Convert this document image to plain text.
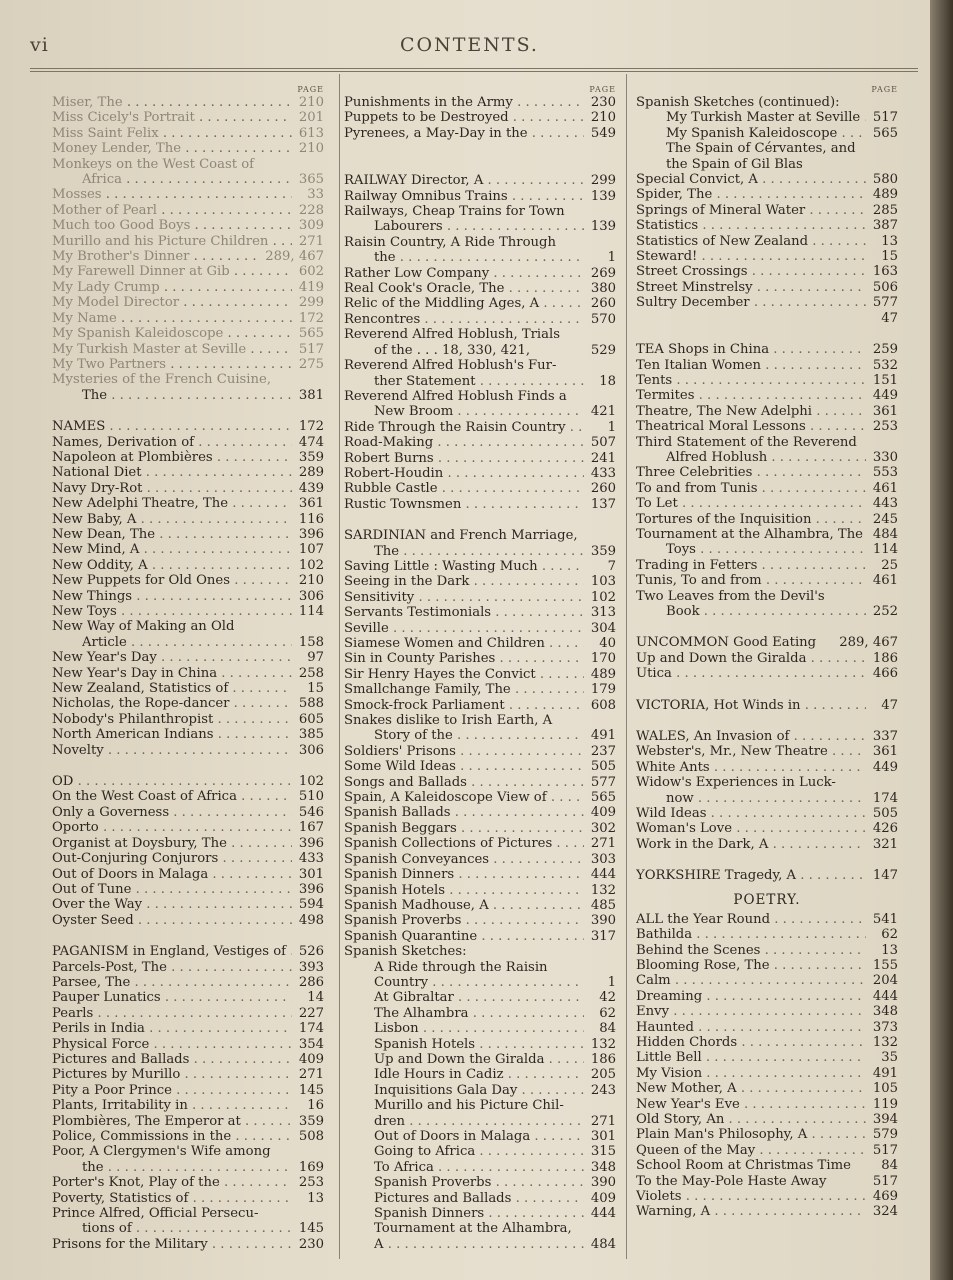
vi	CONTENTS.
PAGE
Miser, The . .	210
Miss Cicely's Portrait . .	201
Miss Saint Felix . .	613
Money Lender, The . .	210
Monkeys on the West Coast of
Africa . .	365
Mosses . .	33
Mother of Pearl . .	228
Much too Good Boys . .	309
Murillo and his Picture Children . .	271
My Brother's Dinner . .	289, 467
My Farewell Dinner at Gib . .	602
My Lady Crump . .	419
My Model Director . .	299
My Name . .	172
My Spanish Kaleidoscope . .	565
My Turkish Master at Seville . .	517
My Two Partners . .	275
Mysteries of the French Cuisine,
The . .	381
NAMES . .	172
Names, Derivation of . .	474
Napoleon at Plombières . .	359
National Diet . .	289
Navy Dry-Rot . .	439
New Adelphi Theatre, The . .	361
New Baby, A . .	116
New Dean, The . .	396
New Mind, A . .	107
New Oddity, A . .	102
New Puppets for Old Ones . .	210
New Things . .	306
New Toys . .	114
New Way of Making an Old
Article . .	158
New Year's Day . .	97
New Year's Day in China . .	258
New Zealand, Statistics of . .	15
Nicholas, the Rope-dancer . .	588
Nobody's Philanthropist . .	605
North American Indians . .	385
Novelty . .	306
OD . .	102
On the West Coast of Africa . .	510
Only a Governess . .	546
Oporto . .	167
Organist at Doysbury, The . .	396
Out-Conjuring Conjurors . .	433
Out of Doors in Malaga . .	301
Out of Tune . .	396
Over the Way . .	594
Oyster Seed . .	498
PAGANISM in England, Vestiges of . . 526
Parcels-Post, The . .	393
Parsee, The . .	286
Pauper Lunatics . .	14
Pearls . .	227
Perils in India . .	174
Physical Force . .	354
Pictures and Ballads . .	409
Pictures by Murillo . .	271
Pity a Poor Prince . .	145
Plants, Irritability in . .	16
Plombières, The Emperor at . .	359
Police, Commissions in the . .	508
Poor, A Clergymen's Wife among
the . .	169
Porter's Knot, Play of the . .	253
Poverty, Statistics of . .	13
Prince Alfred, Official Persecu-
tions of . .	145
Prisons for the Military . .	230
PAGE
Punishments in the Army . .	230
Puppets to be Destroyed . .	210
Pyrenees, a May-Day in the . .	549
RAILWAY Director, A . .	299
Railway Omnibus Trains . .	139
Railways, Cheap Trains for Town
Labourers . .	139
Raisin Country, A Ride Through
the . .	1
Rather Low Company . .	269
Real Cook's Oracle, The . .	380
Relic of the Middling Ages, A . .	260
Rencontres . .	570
Reverend Alfred Hoblush, Trials
of the . . . 18, 330, 421,	529
Reverend Alfred Hoblush's Fur-
ther Statement . .	18
Reverend Alfred Hoblush Finds a
New Broom . .	421
Ride Through the Raisin Country . .	1
Road-Making . .	507
Robert Burns . .	241
Robert-Houdin . .	433
Rubble Castle . .	260
Rustic Townsmen . .	137
SARDINIAN and French Marriage,
The . .	359
Saving Little : Wasting Much . .	7
Seeing in the Dark . .	103
Sensitivity . .	102
Servants Testimonials . .	313
Seville . .	304
Siamese Women and Children . .	40
Sin in County Parishes . .	170
Sir Henry Hayes the Convict . .	489
Smallchange Family, The . .	179
Smock-frock Parliament . .	608
Snakes dislike to Irish Earth, A
Story of the . .	491
Soldiers' Prisons . .	237
Some Wild Ideas . .	505
Songs and Ballads . .	577
Spain, A Kaleidoscope View of . .	565
Spanish Ballads . .	409
Spanish Beggars . .	302
Spanish Collections of Pictures . .	271
Spanish Conveyances . .	303
Spanish Dinners . .	444
Spanish Hotels . .	132
Spanish Madhouse, A . .	485
Spanish Proverbs . .	390
Spanish Quarantine . .	317
Spanish Sketches:
A Ride through the Raisin
Country . .	1
At Gibraltar . .	42
The Alhambra . .	62
Lisbon . .	84
Spanish Hotels . .	132
Up and Down the Giralda . .	186
Idle Hours in Cadiz . .	205
Inquisitions Gala Day . .	243
Murillo and his Picture Chil-
dren . .	271
Out of Doors in Malaga . .	301
Going to Africa . .	315
To Africa . .	348
Spanish Proverbs . .	390
Pictures and Ballads . .	409
Spanish Dinners . .	444
Tournament at the Alhambra,
A . .	484
PAGE
Spanish Sketches (continued):
My Turkish Master at Seville . . 517
My Spanish Kaleidoscope . .	565
The Spain of Cérvantes, and
the Spain of Gil Blas
Special Convict, A . .	580
Spider, The . .	489
Springs of Mineral Water . .	285
Statistics . .	387
Statistics of New Zealand . .	13
Steward! . .	15
Street Crossings . .	163
Street Minstrelsy . .	506
Sultry December . .	577
47
TEA Shops in China . .	259
Ten Italian Women . .	532
Tents . .	151
Termites . .	449
Theatre, The New Adelphi . .	361
Theatrical Moral Lessons . .	253
Third Statement of the Reverend
Alfred Hoblush . .	330
Three Celebrities . .	553
To and from Tunis . .	461
To Let . .	443
Tortures of the Inquisition . .	245
Tournament at the Alhambra, The 484
Toys . .	114
Trading in Fetters . .	25
Tunis, To and from . .	461
Two Leaves from the Devil's
Book . .	252
UNCOMMON Good Eating	289, 467
Up and Down the Giralda . .	186
Utica . .	466
VICTORIA, Hot Winds in . .	47
WALES, An Invasion of . .	337
Webster's, Mr., New Theatre . .	361
White Ants . .	449
Widow's Experiences in Luck-
now . .	174
Wild Ideas . .	505
Woman's Love . .	426
Work in the Dark, A . .	321
YORKSHIRE Tragedy, A . .	147
POETRY.
ALL the Year Round . .	541
Bathilda . .	62
Behind the Scenes . .	13
Blooming Rose, The . .	155
Calm . .	204
Dreaming . .	444
Envy . .	348
Haunted . .	373
Hidden Chords . .	132
Little Bell . .	35
My Vision . .	491
New Mother, A . .	105
New Year's Eve . .	119
Old Story, An . .	394
Plain Man's Philosophy, A . .	579
Queen of the May . .	517
School Room at Christmas Time	84
To the May-Pole Haste Away	517
Violets . .	469
Warning, A . .	324
